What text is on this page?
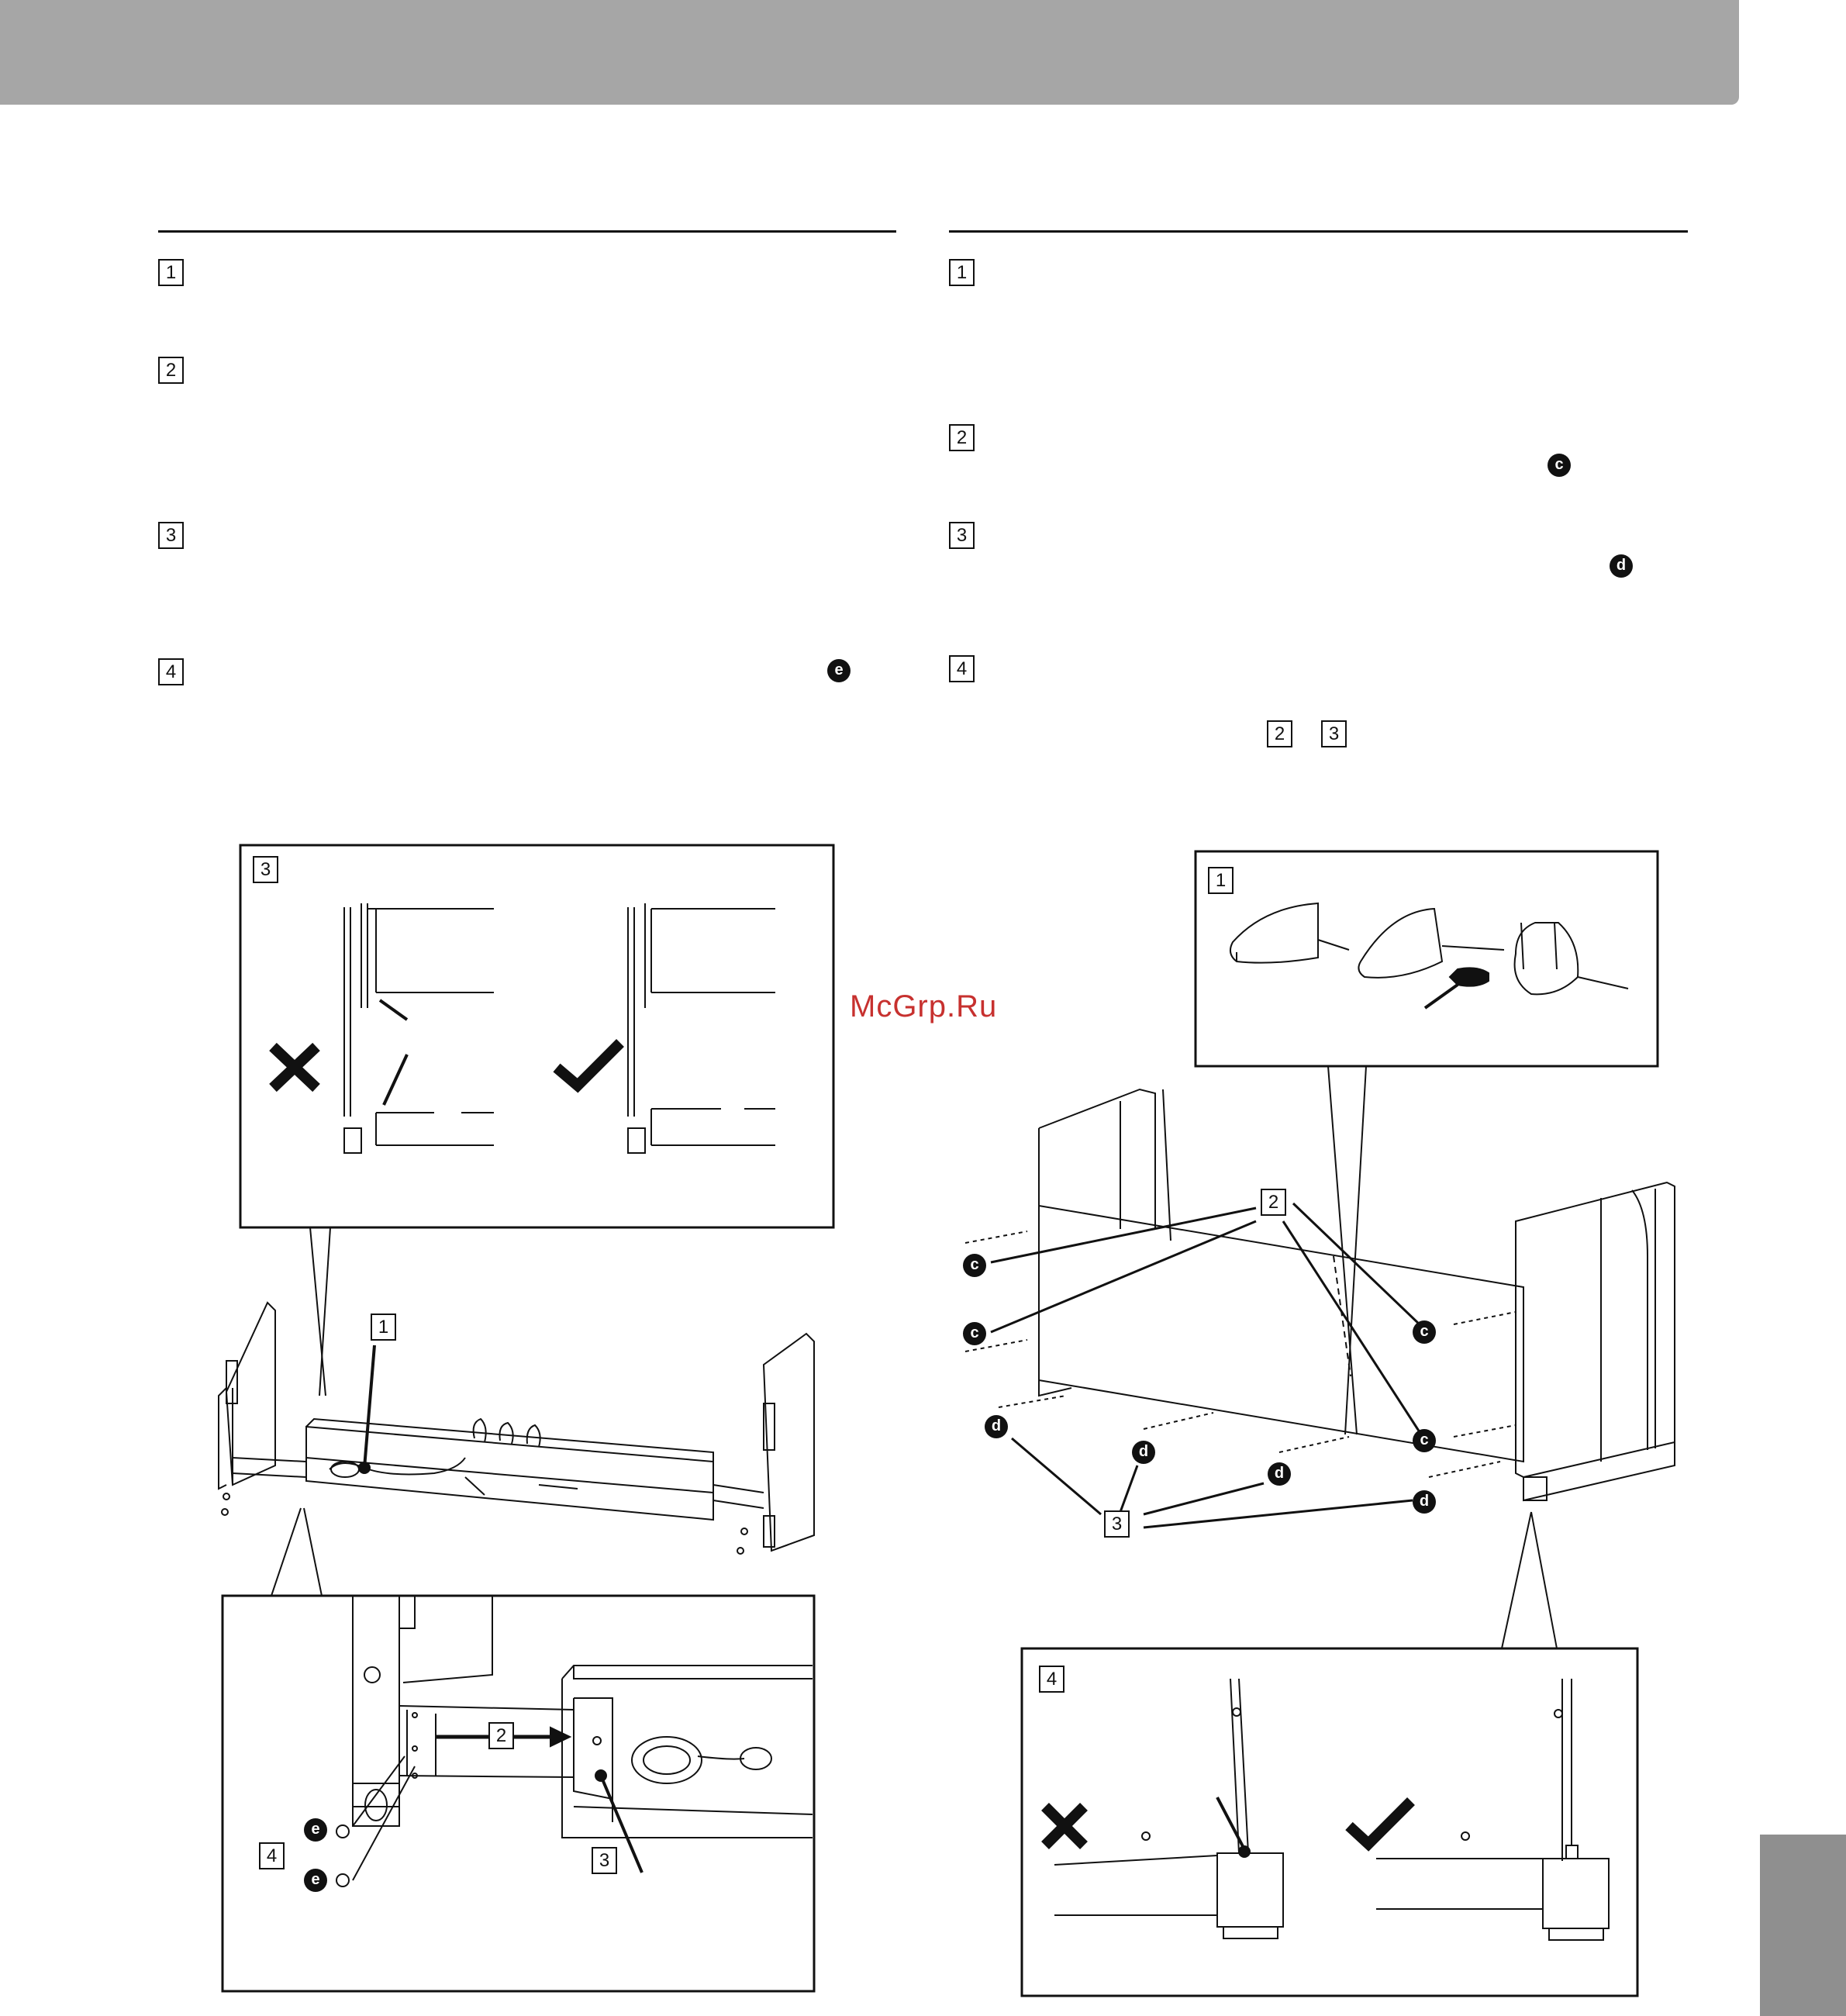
1
2
3
4	e
1
2
c
3
d
4
2	3
McGrp.Ru
3
1
2
4	3
e
e
1
2
3
4
c
c	c
c
d
d
d
d
